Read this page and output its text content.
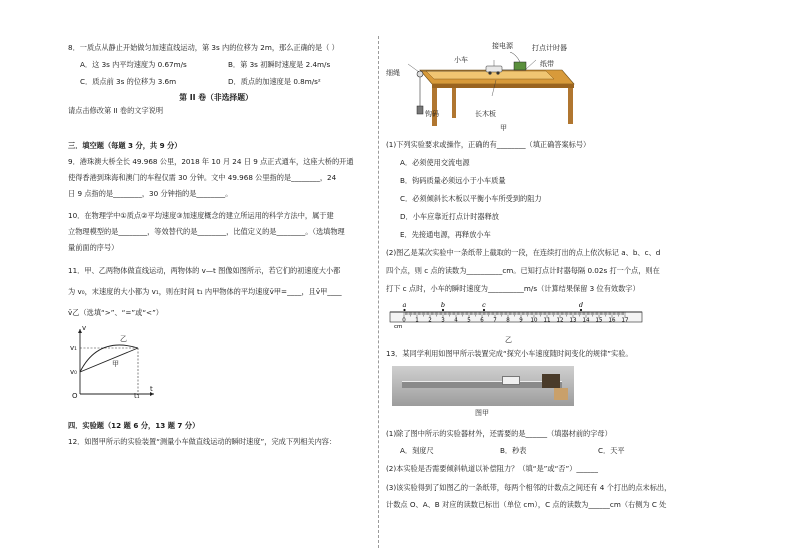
8．一质点从静止开始做匀加速直线运动，第 3s 内的位移为 2m，那么正确的是（ ）
A．这 3s 内平均速度为 0.67m/s	B．第 3s 初瞬时速度是 2.4m/s
C．质点前 3s 的位移为 3.6m	D．质点的加速度是 0.8m/s²
第 II 卷（非选择题）
请点击修改第 II 卷的文字说明
三．填空题（每题 3 分，共 9 分）
9．港珠澳大桥全长 49.968 公里，2018 年 10 月 24 日 9 点正式通车，这座大桥的开通
使得香港到珠海和澳门的车程仅需 30 分钟。文中 49.968 公里指的是________，24
日 9 点指的是________，30 分钟指的是________。
10．在物理学中①质点②平均速度③加速度概念的建立所运用的科学方法中，属于建
立物理模型的是________，等效替代的是________，比值定义的是________。（选填物理
量前面的序号）
11．甲、乙两物体做直线运动，两物体的 v—t 图像如图所示，若它们的初速度大小都
为 v₀，末速度的大小都为 v₁，则在时间 t₁ 内甲物体的平均速度v̄甲=____，且v̄甲____
v̄乙（选填“>”、“=”或“<”）
v
v₁
v₀
O	t₁
t
乙
甲
四．实验题（12 题 6 分，13 题 7 分）
12．如图甲所示的实验装置“测量小车做直线运动的瞬时速度”，完成下列相关内容：
接电源	打点计时器
小车	纸带
细绳
钩码	长木板
甲
(1)下列实验要求或操作，正确的有________（填正确答案标号）
A．必须使用交流电源
B．钩码质量必须远小于小车质量
C．必须倾斜长木板以平衡小车所受到的阻力
D．小车应靠近打点计时器释放
E．先接通电源，再释放小车
(2)图乙是某次实验中一条纸带上截取的一段，在连续打出的点上依次标记 a、b、c、d
四个点，则 c 点的读数为__________cm。已知打点计时器每隔 0.02s 打一个点，则在
打下 c 点时，小车的瞬时速度为__________m/s（计算结果保留 3 位有效数字）
0 1 2 3 4 5 6 7 8 9 10 11 12 13 14 15 16 17
cm
a	b	c	d
乙
13．某同学利用如图甲所示装置完成“探究小车速度随时间变化的规律”实验。
图甲
(1)除了图中所示的实验器材外，还需要的是______（填器材前的字母）
A．刻度尺	B．秒表	C．天平
(2)本实验是否需要倾斜轨道以补偿阻力？（填“是”或“否”）______
(3)该实验得到了如图乙的一条纸带，每两个相邻的计数点之间还有 4 个打出的点未标出，
计数点 O、A、B 对应的读数已标出（单位 cm），C 点的读数为______cm（右侧为 C 处
